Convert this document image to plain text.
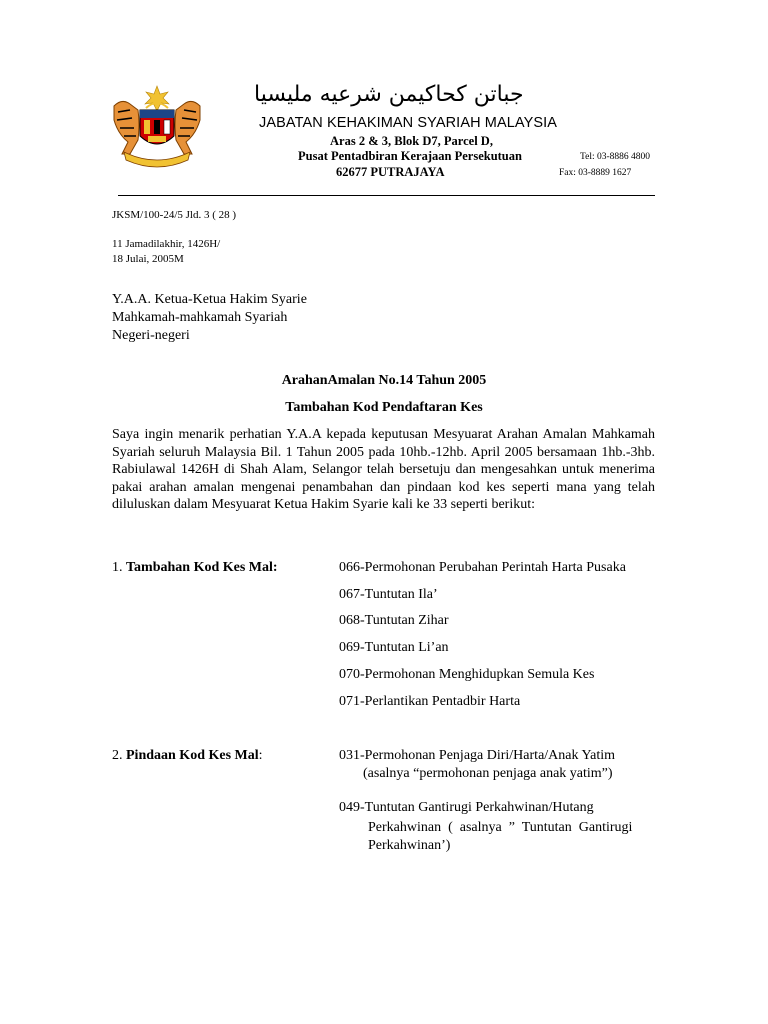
جباتن كحاكيمن شرعيه مليسيا
JABATAN KEHAKIMAN SYARIAH MALAYSIA
Aras 2 & 3, Blok D7, Parcel D,
Pusat Pentadbiran Kerajaan Persekutuan
62677 PUTRAJAYA
Tel: 03-8886 4800
Fax: 03-8889 1627
JKSM/100-24/5 Jld. 3 ( 28 )
11 Jamadilakhir, 1426H/
18 Julai, 2005M
Y.A.A. Ketua-Ketua Hakim Syarie
Mahkamah-mahkamah Syariah
Negeri-negeri
ArahanAmalan No.14 Tahun 2005
Tambahan Kod Pendaftaran Kes
Saya ingin menarik perhatian Y.A.A kepada keputusan Mesyuarat Arahan Amalan Mahkamah Syariah seluruh Malaysia Bil. 1 Tahun 2005 pada 10hb.-12hb. April 2005 bersamaan 1hb.-3hb. Rabiulawal 1426H di Shah Alam, Selangor telah bersetuju dan mengesahkan untuk menerima pakai arahan amalan mengenai penambahan dan pindaan kod kes seperti mana yang telah diluluskan dalam Mesyuarat Ketua Hakim Syarie kali ke 33 seperti berikut:
1. Tambahan Kod Kes Mal:	066-Permohonan Perubahan Perintah Harta Pusaka
067-Tuntutan Ila’
068-Tuntutan Zihar
069-Tuntutan Li’an
070-Permohonan Menghidupkan Semula Kes
071-Perlantikan Pentadbir Harta
2. Pindaan Kod Kes Mal:	031-Permohonan Penjaga Diri/Harta/Anak Yatim
(asalnya “permohonan penjaga anak yatim”)
049-Tuntutan Gantirugi Perkahwinan/Hutang
Perkahwinan  (  asalnya  ”  Tuntutan  Gantirugi
Perkahwinan’)
